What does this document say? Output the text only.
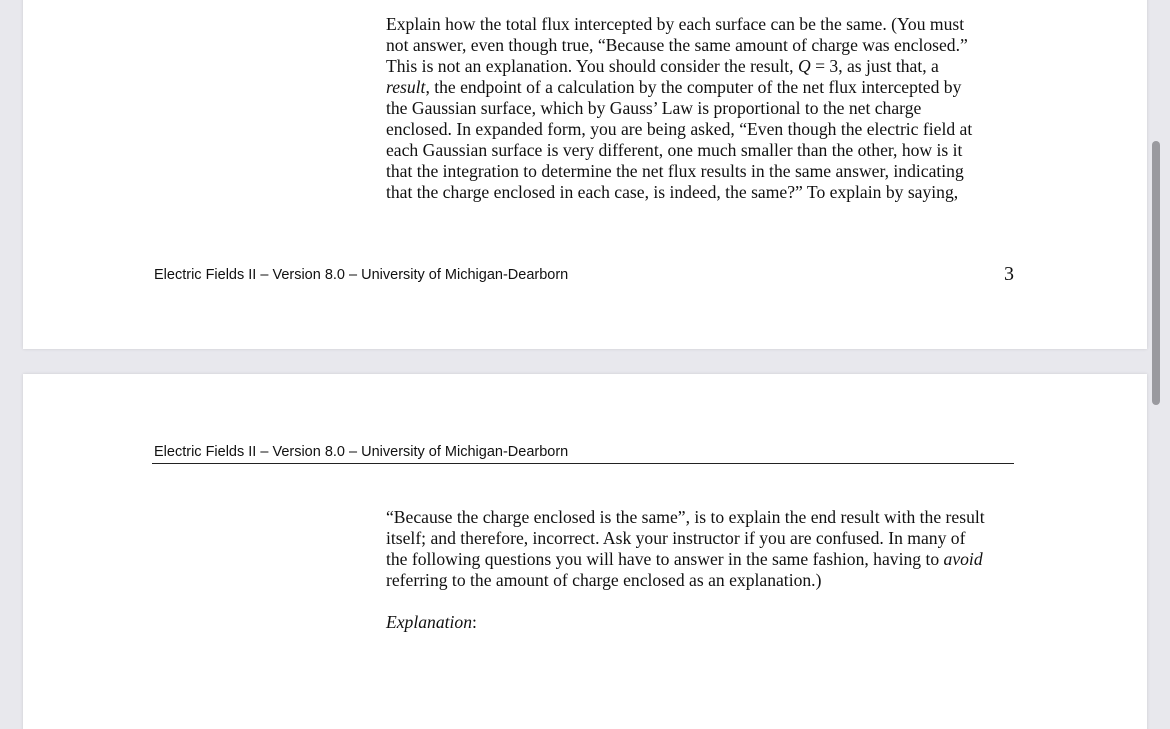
Explain how the total flux intercepted by each surface can be the same. (You must
not answer, even though true, “Because the same amount of charge was enclosed.”
This is not an explanation. You should consider the result, Q = 3, as just that, a
result, the endpoint of a calculation by the computer of the net flux intercepted by
the Gaussian surface, which by Gauss’ Law is proportional to the net charge
enclosed. In expanded form, you are being asked, “Even though the electric field at
each Gaussian surface is very different, one much smaller than the other, how is it
that the integration to determine the net flux results in the same answer, indicating
that the charge enclosed in each case, is indeed, the same?” To explain by saying,
Electric Fields II – Version 8.0 – University of Michigan-Dearborn	3
Electric Fields II – Version 8.0 – University of Michigan-Dearborn
“Because the charge enclosed is the same”, is to explain the end result with the result
itself; and therefore, incorrect. Ask your instructor if you are confused. In many of
the following questions you will have to answer in the same fashion, having to avoid
referring to the amount of charge enclosed as an explanation.)
Explanation:
